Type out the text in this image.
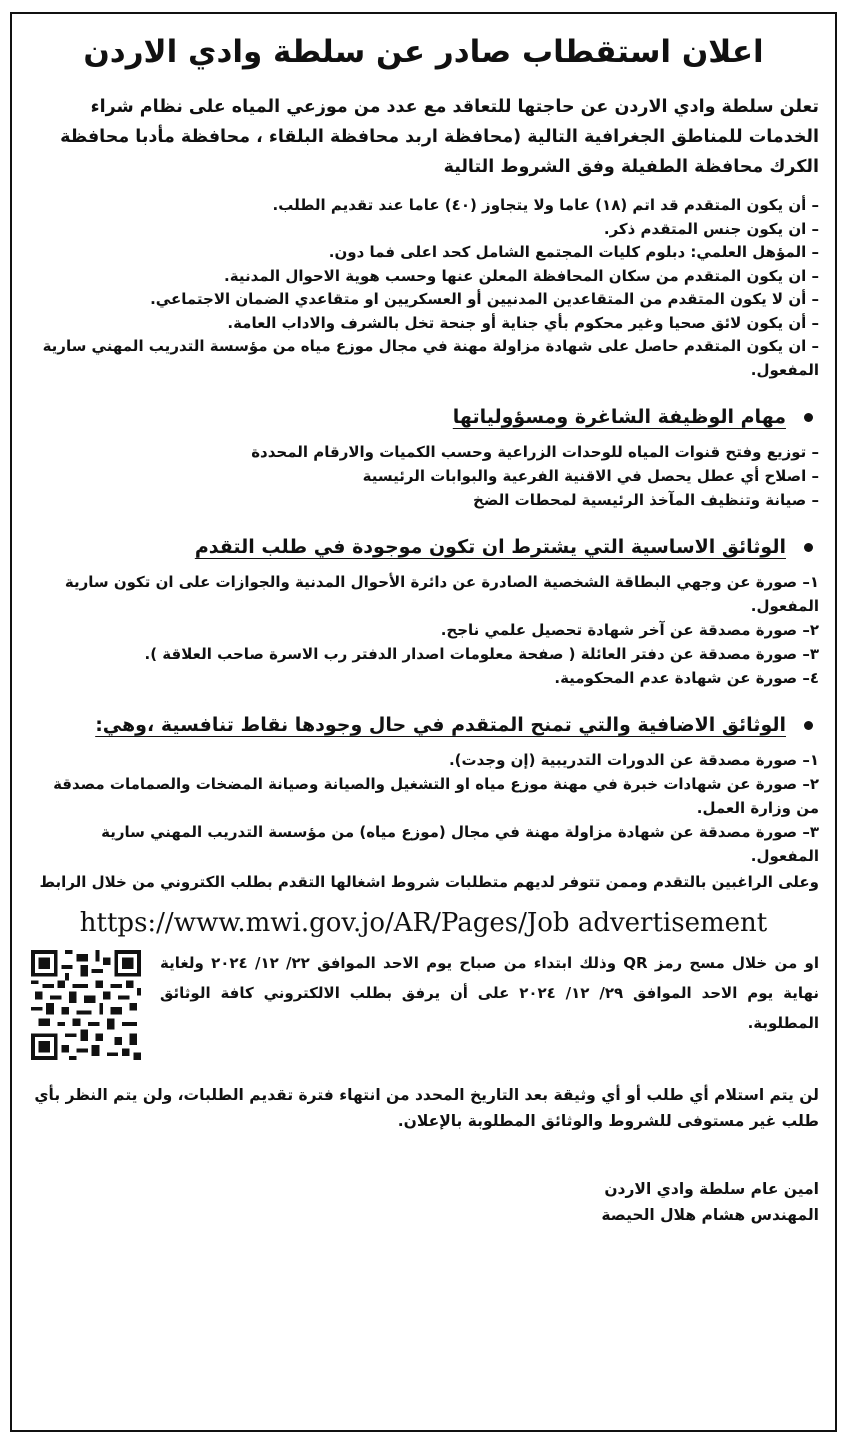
اعلان استقطاب صادر عن سلطة وادي الاردن
تعلن سلطة وادي الاردن عن حاجتها للتعاقد مع عدد من موزعي المياه على نظام شراء الخدمات للمناطق الجغرافية التالية (محافظة اربد محافظة البلقاء ، محافظة مأدبا محافظة الكرك محافظة الطفيلة وفق الشروط التالية
– أن يكون المتقدم قد اتم (١٨) عاما ولا يتجاوز (٤٠) عاما عند تقديم الطلب.
– ان يكون جنس المتقدم ذكر.
– المؤهل العلمي: دبلوم كليات المجتمع الشامل كحد اعلى فما دون.
– ان يكون المتقدم من سكان المحافظة المعلن عنها وحسب هوية الاحوال المدنية.
– أن لا يكون المتقدم من المتقاعدين المدنيين أو العسكريين او متقاعدي الضمان الاجتماعي.
– أن يكون لائق صحيا وغير محكوم بأي جناية أو جنحة تخل بالشرف والاداب العامة.
– ان يكون المتقدم حاصل على شهادة مزاولة مهنة في مجال موزع مياه من مؤسسة التدريب المهني سارية المفعول.
مهام الوظيفة الشاغرة ومسؤولياتها
– توزيع وفتح قنوات المياه للوحدات الزراعية وحسب الكميات والارقام المحددة
– اصلاح أي عطل يحصل في الاقنية الفرعية والبوابات الرئيسية
– صيانة وتنظيف المآخذ الرئيسية لمحطات الضخ
الوثائق الاساسية التي يشترط ان تكون موجودة في طلب التقدم
١– صورة عن وجهي البطاقة الشخصية الصادرة عن دائرة الأحوال المدنية والجوازات على ان تكون سارية المفعول.
٢– صورة مصدقة عن آخر شهادة تحصيل علمي ناجح.
٣– صورة مصدقة عن دفتر العائلة ( صفحة معلومات اصدار الدفتر رب الاسرة صاحب العلاقة ).
٤– صورة عن شهادة عدم المحكومية.
الوثائق الاضافية والتي تمنح المتقدم في حال وجودها نقاط تنافسية ،وهي:
١– صورة مصدقة عن الدورات التدريبية (إن وجدت).
٢– صورة عن شهادات خبرة في مهنة موزع مياه او التشغيل والصيانة وصيانة المضخات والصمامات مصدقة من وزارة العمل.
٣– صورة مصدقة عن شهادة مزاولة مهنة في مجال (موزع مياه) من مؤسسة التدريب المهني سارية المفعول.
وعلى الراغبين بالتقدم وممن تتوفر لديهم متطلبات شروط اشغالها التقدم بطلب الكتروني من خلال الرابط
https://www.mwi.gov.jo/AR/Pages/Job advertisement
او من خلال مسح رمز QR وذلك ابتداء من صباح يوم الاحد الموافق ٢٢/ ١٢/ ٢٠٢٤ ولغاية نهاية يوم الاحد الموافق ٢٩/ ١٢/ ٢٠٢٤ على أن يرفق بطلب الالكتروني كافة الوثائق المطلوبة.
لن يتم استلام أي طلب أو أي وثيقة بعد التاريخ المحدد من انتهاء فترة تقديم الطلبات، ولن يتم النظر بأي طلب غير مستوفى للشروط والوثائق المطلوبة بالإعلان.
امين عام سلطة وادي الاردن
المهندس هشام هلال الحيصة
